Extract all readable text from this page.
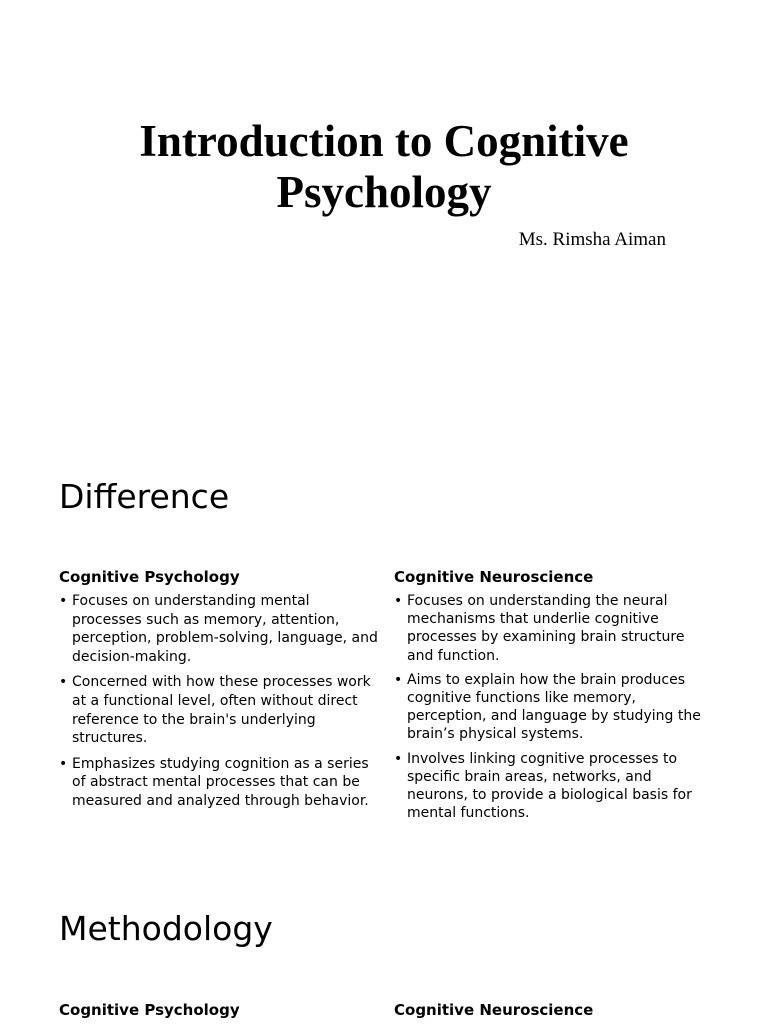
Introduction to Cognitive Psychology
Ms. Rimsha Aiman
Difference
Cognitive Psychology
• Focuses on understanding mental processes such as memory, attention, perception, problem-solving, language, and decision-making.
• Concerned with how these processes work at a functional level, often without direct reference to the brain's underlying structures.
• Emphasizes studying cognition as a series of abstract mental processes that can be measured and analyzed through behavior.
Cognitive Neuroscience
• Focuses on understanding the neural mechanisms that underlie cognitive processes by examining brain structure and function.
• Aims to explain how the brain produces cognitive functions like memory, perception, and language by studying the brain’s physical systems.
• Involves linking cognitive processes to specific brain areas, networks, and neurons, to provide a biological basis for mental functions.
Methodology
Cognitive Psychology	Cognitive Neuroscience
